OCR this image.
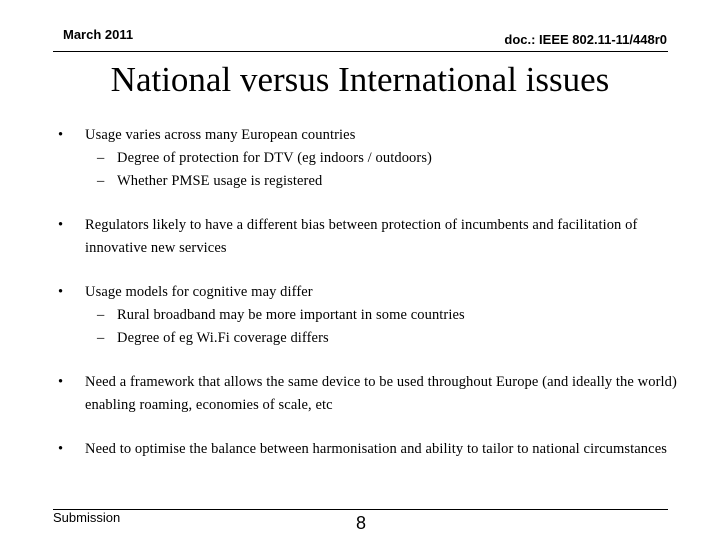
March 2011	doc.: IEEE 802.11-11/448r0
National versus International issues
• Usage varies across many European countries
– Degree of protection for DTV (eg indoors / outdoors)
– Whether PMSE usage is registered
• Regulators likely to have a different bias between protection of incumbents and facilitation of innovative new services
• Usage models for cognitive may differ
– Rural broadband may be more important in some countries
– Degree of eg Wi.Fi coverage differs
• Need a framework that allows the same device to be used throughout Europe (and ideally the world) enabling roaming, economies of scale, etc
• Need to optimise the balance between harmonisation and ability to tailor to national circumstances
Submission	8
